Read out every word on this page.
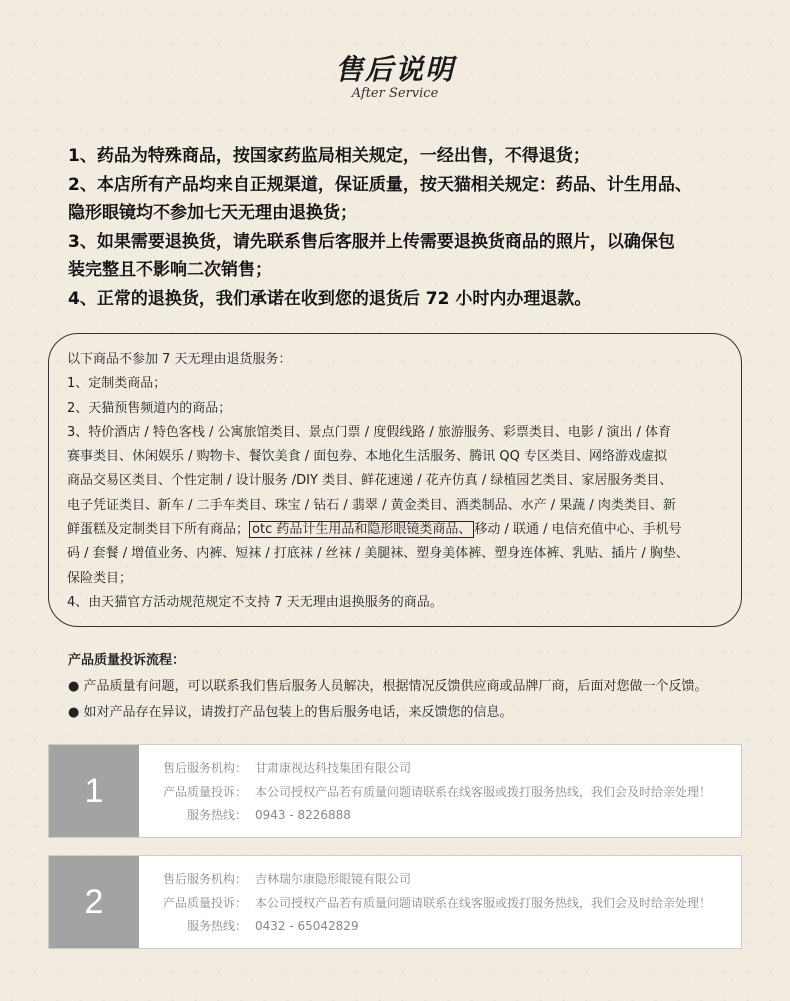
售后说明
After Service

1、药品为特殊商品，按国家药监局相关规定，一经出售，不得退货；

2、本店所有产品均来自正规渠道，保证质量，按天猫相关规定：药品、计生用品、

隐形眼镜均不参加七天无理由退换货；

3、如果需要退换货，请先联系售后客服并上传需要退换货商品的照片，以确保包

装完整且不影响二次销售；

4、正常的退换货，我们承诺在收到您的退货后 72 小时内办理退款。

以下商品不参加 7 天无理由退货服务：

1、定制类商品；

2、天猫预售频道内的商品；

3、特价酒店 / 特色客栈 / 公寓旅馆类目、景点门票 / 度假线路 / 旅游服务、彩票类目、电影 / 演出 / 体育

赛事类目、休闲娱乐 / 购物卡、餐饮美食 / 面包券、本地化生活服务、腾讯 QQ 专区类目、网络游戏虚拟

商品交易区类目、个性定制 / 设计服务 /DIY 类目、鲜花速递 / 花卉仿真 / 绿植园艺类目、家居服务类目、

电子凭证类目、新车 / 二手车类目、珠宝 / 钻石 / 翡翠 / 黄金类目、酒类制品、水产 / 果蔬 / 肉类类目、新

鲜蛋糕及定制类目下所有商品； otc 药品计生用品和隐形眼镜类商品、 移动 / 联通 / 电信充值中心、手机号

码 / 套餐 / 增值业务、内裤、短袜 / 打底袜 / 丝袜 / 美腿袜、塑身美体裤、塑身连体裤、乳贴、插片 / 胸垫、

保险类目；

4、由天猫官方活动规范规定不支持 7 天无理由退换服务的商品。

产品质量投诉流程：

● 产品质量有问题，可以联系我们售后服务人员解决，根据情况反馈供应商或品牌厂商，后面对您做一个反馈。

● 如对产品存在异议，请拨打产品包装上的售后服务电话，来反馈您的信息。

1
售后服务机构： 甘肃康视达科技集团有限公司
产品质量投诉： 本公司授权产品若有质量问题请联系在线客服或拨打服务热线，我们会及时给亲处理！
服务热线： 0943 - 8226888
2
售后服务机构： 吉林瑞尔康隐形眼镜有限公司
产品质量投诉： 本公司授权产品若有质量问题请联系在线客服或拨打服务热线，我们会及时给亲处理！
服务热线： 0432 - 65042829
